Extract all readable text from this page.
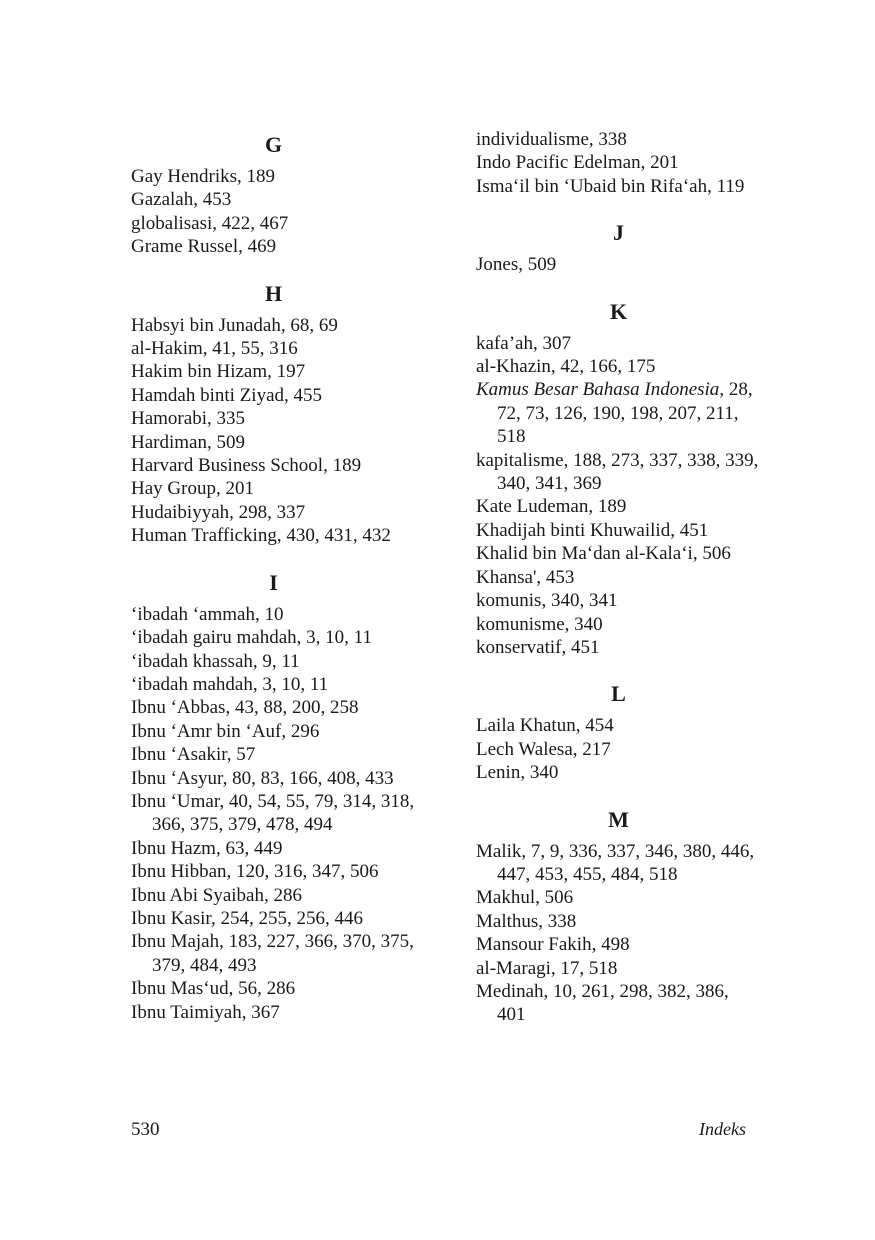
G
Gay Hendriks, 189
Gazalah, 453
globalisasi, 422, 467
Grame Russel, 469
H
Habsyi bin Junadah, 68, 69
al-Hakim, 41, 55, 316
Hakim bin Hizam, 197
Hamdah binti Ziyad, 455
Hamorabi, 335
Hardiman, 509
Harvard Business School, 189
Hay Group, 201
Hudaibiyyah, 298, 337
Human Trafficking, 430, 431, 432
I
‘ibadah ‘ammah, 10
‘ibadah gairu mahdah, 3, 10, 11
‘ibadah khassah, 9, 11
‘ibadah mahdah, 3, 10, 11
Ibnu ‘Abbas, 43, 88, 200, 258
Ibnu ‘Amr bin ‘Auf, 296
Ibnu ‘Asakir, 57
Ibnu ‘Asyur, 80, 83, 166, 408, 433
Ibnu ‘Umar, 40, 54, 55, 79, 314, 318, 366, 375, 379, 478, 494
Ibnu Hazm, 63, 449
Ibnu Hibban, 120, 316, 347, 506
Ibnu Abi Syaibah, 286
Ibnu Kasir, 254, 255, 256, 446
Ibnu Majah, 183, 227, 366, 370, 375, 379, 484, 493
Ibnu Mas‘ud, 56, 286
Ibnu Taimiyah, 367
individualisme, 338
Indo Pacific Edelman, 201
Isma‘il bin ‘Ubaid bin Rifa‘ah, 119
J
Jones, 509
K
kafa’ah, 307
al-Khazin, 42, 166, 175
Kamus Besar Bahasa Indonesia, 28, 72, 73, 126, 190, 198, 207, 211, 518
kapitalisme, 188, 273, 337, 338, 339, 340, 341, 369
Kate Ludeman, 189
Khadijah binti Khuwailid, 451
Khalid bin Ma‘dan al-Kala‘i, 506
Khansa', 453
komunis, 340, 341
komunisme, 340
konservatif, 451
L
Laila Khatun, 454
Lech Walesa, 217
Lenin, 340
M
Malik, 7, 9, 336, 337, 346, 380, 446, 447, 453, 455, 484, 518
Makhul, 506
Malthus, 338
Mansour Fakih, 498
al-Maragi, 17, 518
Medinah, 10, 261, 298, 382, 386, 401
530	Indeks
